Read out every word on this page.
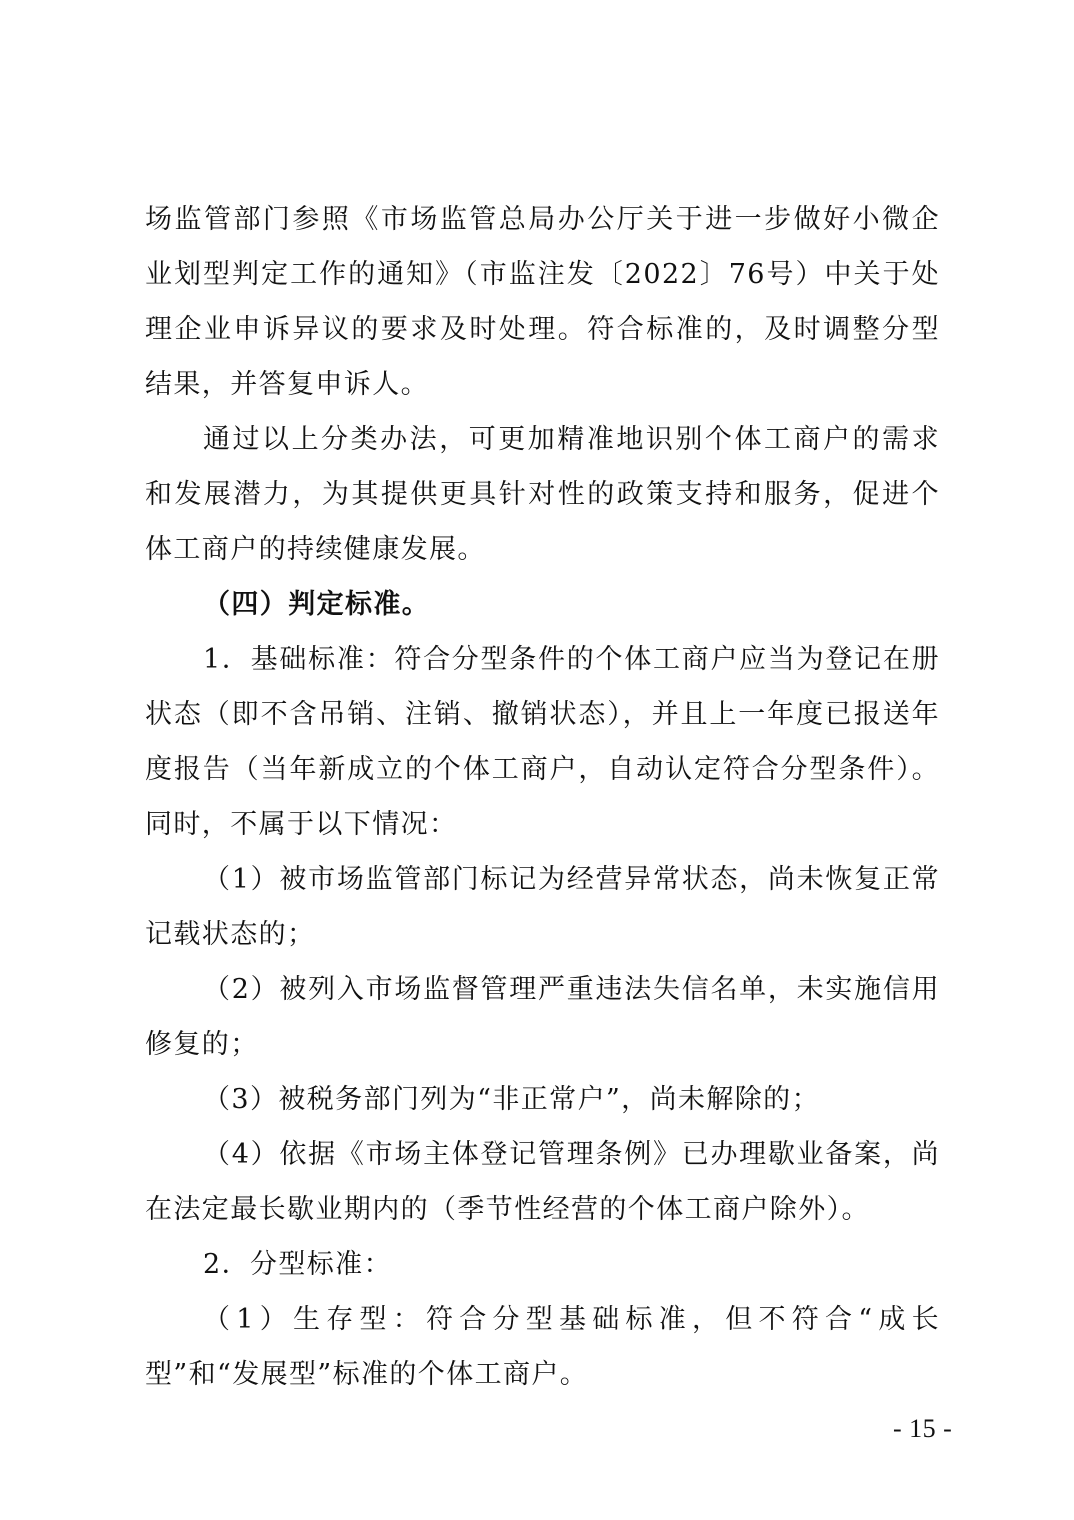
场监管部门参照《市场监管总局办公厅关于进一步做好小微企业划型判定工作的通知》（市监注发〔2022〕76号）中关于处理企业申诉异议的要求及时处理。符合标准的，及时调整分型结果，并答复申诉人。

通过以上分类办法，可更加精准地识别个体工商户的需求和发展潜力，为其提供更具针对性的政策支持和服务，促进个体工商户的持续健康发展。

（四）判定标准。

1．基础标准：符合分型条件的个体工商户应当为登记在册状态（即不含吊销、注销、撤销状态），并且上一年度已报送年度报告（当年新成立的个体工商户，自动认定符合分型条件）。同时，不属于以下情况：

（1）被市场监管部门标记为经营异常状态，尚未恢复正常记载状态的；

（2）被列入市场监督管理严重违法失信名单，未实施信用修复的；

（3）被税务部门列为“非正常户”，尚未解除的；

（4）依据《市场主体登记管理条例》已办理歇业备案，尚在法定最长歇业期内的（季节性经营的个体工商户除外）。

2．分型标准：

（1）生存型：符合分型基础标准，但不符合“成长型”和“发展型”标准的个体工商户。

- 15 -
